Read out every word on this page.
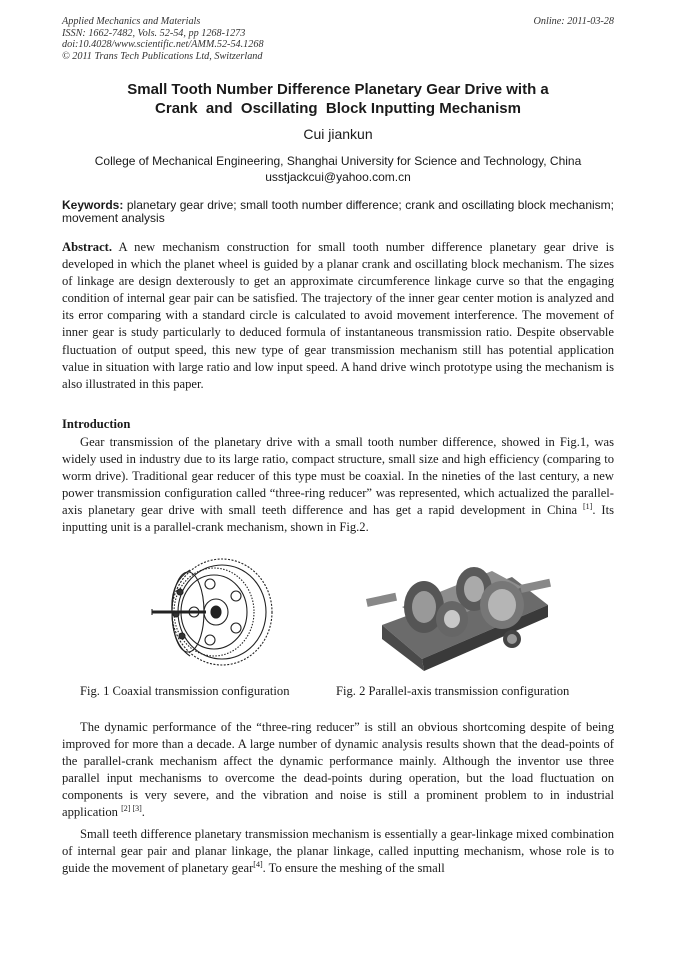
Applied Mechanics and Materials
ISSN: 1662-7482, Vols. 52-54, pp 1268-1273
doi:10.4028/www.scientific.net/AMM.52-54.1268
© 2011 Trans Tech Publications Ltd, Switzerland
Online: 2011-03-28
Small Tooth Number Difference Planetary Gear Drive with a
Crank  and  Oscillating  Block Inputting Mechanism
Cui jiankun
College of Mechanical Engineering, Shanghai University for Science and Technology, China
usstjackcui@yahoo.com.cn
Keywords: planetary gear drive; small tooth number difference; crank and oscillating block mechanism; movement analysis
Abstract. A new mechanism construction for small tooth number difference planetary gear drive is developed in which the planet wheel is guided by a planar crank and oscillating block mechanism. The sizes of linkage are design dexterously to get an approximate circumference linkage curve so that the engaging condition of internal gear pair can be satisfied. The trajectory of the inner gear center motion is analyzed and its error comparing with a standard circle is calculated to avoid movement interference. The movement of inner gear is study particularly to deduced formula of instantaneous transmission ratio. Despite observable fluctuation of output speed, this new type of gear transmission mechanism still has potential application value in situation with large ratio and low input speed. A hand drive winch prototype using the mechanism is also illustrated in this paper.
Introduction
Gear transmission of the planetary drive with a small tooth number difference, showed in Fig.1, was widely used in industry due to its large ratio, compact structure, small size and high efficiency (comparing to worm drive). Traditional gear reducer of this type must be coaxial. In the nineties of the last century, a new power transmission configuration called “three-ring reducer” was represented, which actualized the parallel-axis planetary gear drive with small teeth difference and has get a rapid development in China [1]. Its inputting unit is a parallel-crank mechanism, shown in Fig.2.
Fig. 1 Coaxial transmission configuration	Fig. 2 Parallel-axis transmission configuration
The dynamic performance of the “three-ring reducer” is still an obvious shortcoming despite of being improved for more than a decade. A large number of dynamic analysis results shown that the dead-points of the parallel-crank mechanism affect the dynamic performance mainly. Although the inventor use three parallel input mechanisms to overcome the dead-points during operation, but the load fluctuation on components is very severe, and the vibration and noise is still a prominent problem to in industrial application [2] [3].
Small teeth difference planetary transmission mechanism is essentially a gear-linkage mixed combination of internal gear pair and planar linkage, the planar linkage, called inputting mechanism, whose role is to guide the movement of planetary gear[4]. To ensure the meshing of the small
